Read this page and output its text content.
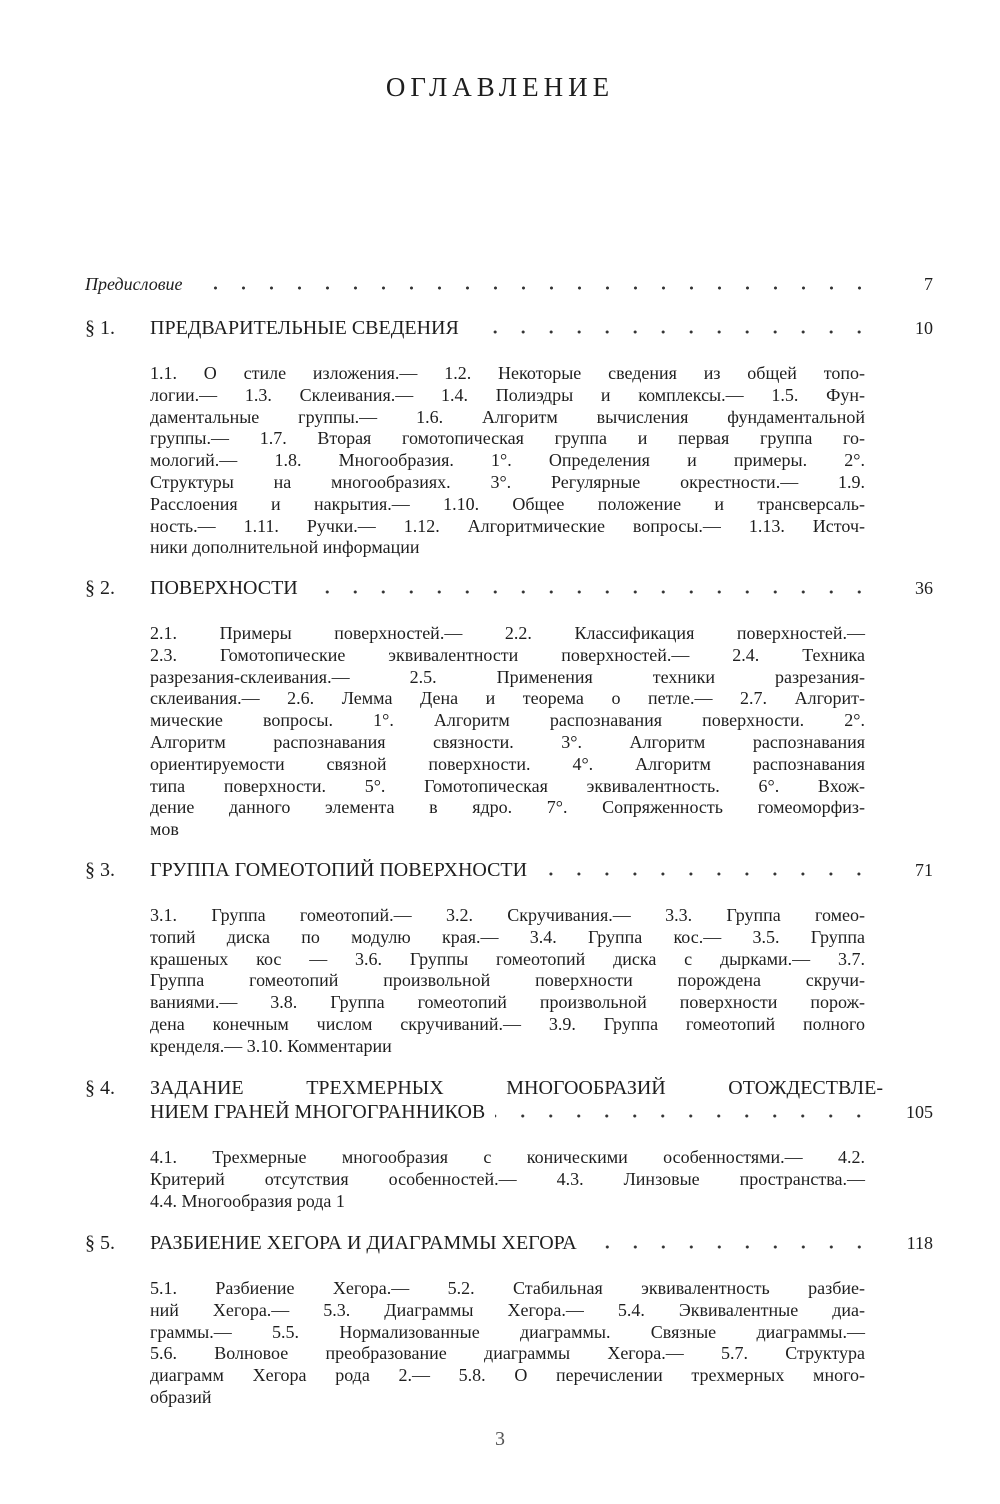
ОГЛАВЛЕНИЕ
Предисловие	7
§ 1.	ПРЕДВАРИТЕЛЬНЫЕ СВЕДЕНИЯ	10
1.1. О стиле изложения.— 1.2. Некоторые сведения из общей топо-
логии.— 1.3. Склеивания.— 1.4. Полиэдры и комплексы.— 1.5. Фун-
даментальные группы.— 1.6. Алгоритм вычисления фундаментальной
группы.— 1.7. Вторая гомотопическая группа и первая группа го-
мологий.— 1.8. Многообразия. 1°. Определения и примеры. 2°.
Структуры на многообразиях. 3°. Регулярные окрестности.— 1.9.
Расслоения и накрытия.— 1.10. Общее положение и трансверсаль-
ность.— 1.11. Ручки.— 1.12. Алгоритмические вопросы.— 1.13. Источ-
ники дополнительной информации
§ 2.	ПОВЕРХНОСТИ	36
2.1. Примеры поверхностей.— 2.2. Классификация поверхностей.—
2.3. Гомотопические эквивалентности поверхностей.— 2.4. Техника
разрезания-склеивания.— 2.5. Применения техники разрезания-
склеивания.— 2.6. Лемма Дена и теорема о петле.— 2.7. Алгорит-
мические вопросы. 1°. Алгоритм распознавания поверхности. 2°.
Алгоритм распознавания связности. 3°. Алгоритм распознавания
ориентируемости связной поверхности. 4°. Алгоритм распознавания
типа поверхности. 5°. Гомотопическая эквивалентность. 6°. Вхож-
дение данного элемента в ядро. 7°. Сопряженность гомеоморфиз-
мов
§ 3.	ГРУППА ГОМЕОТОПИЙ ПОВЕРХНОСТИ	71
3.1. Группа гомеотопий.— 3.2. Скручивания.— 3.3. Группа гомео-
топий диска по модулю края.— 3.4. Группа кос.— 3.5. Группа
крашеных кос — 3.6. Группы гомеотопий диска с дырками.— 3.7.
Группа гомеотопий произвольной поверхности порождена скручи-
ваниями.— 3.8. Группа гомеотопий произвольной поверхности порож-
дена конечным числом скручиваний.— 3.9. Группа гомеотопий полного
кренделя.— 3.10. Комментарии
§ 4.	ЗАДАНИЕ ТРЕХМЕРНЫХ МНОГООБРАЗИЙ ОТОЖДЕСТВЛЕ-
НИЕМ ГРАНЕЙ МНОГОГРАННИКОВ	105
4.1. Трехмерные многообразия с коническими особенностями.— 4.2.
Критерий отсутствия особенностей.— 4.3. Линзовые пространства.—
4.4. Многообразия рода 1
§ 5.	РАЗБИЕНИЕ ХЕГОРА И ДИАГРАММЫ ХЕГОРА	118
5.1. Разбиение Хегора.— 5.2. Стабильная эквивалентность разбие-
ний Хегора.— 5.3. Диаграммы Хегора.— 5.4. Эквивалентные диа-
граммы.— 5.5. Нормализованные диаграммы. Связные диаграммы.—
5.6. Волновое преобразование диаграммы Хегора.— 5.7. Структура
диаграмм Хегора рода 2.— 5.8. О перечислении трехмерных много-
образий
3
